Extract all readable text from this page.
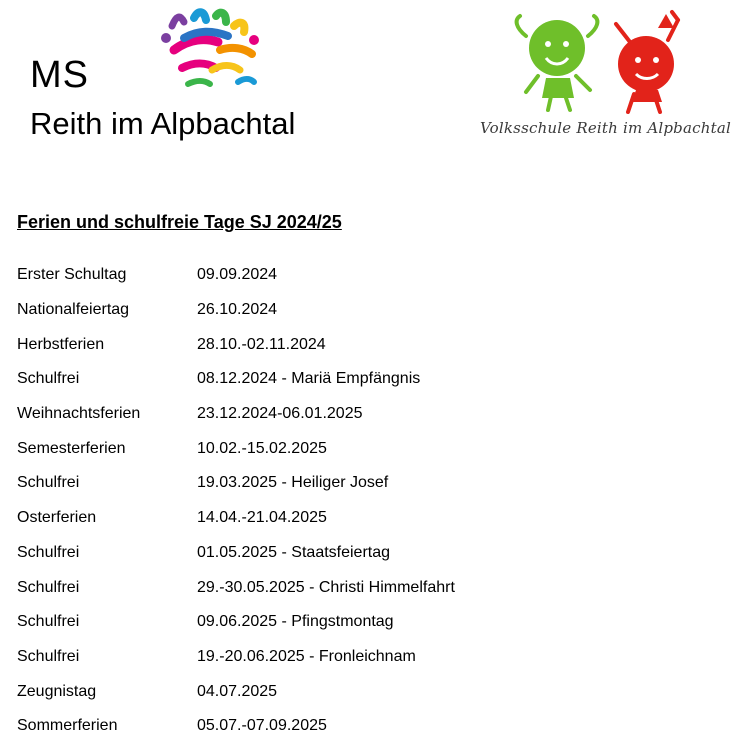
MS
Reith im Alpbachtal	Volksschule Reith im Alpbachtal
Ferien und schulfreie Tage SJ 2024/25
Erster Schultag	09.09.2024
Nationalfeiertag	26.10.2024
Herbstferien	28.10.-02.11.2024
Schulfrei	08.12.2024 - Mariä Empfängnis
Weihnachtsferien	23.12.2024-06.01.2025
Semesterferien	10.02.-15.02.2025
Schulfrei	19.03.2025 - Heiliger Josef
Osterferien	14.04.-21.04.2025
Schulfrei	01.05.2025 - Staatsfeiertag
Schulfrei	29.-30.05.2025 - Christi Himmelfahrt
Schulfrei	09.06.2025 - Pfingstmontag
Schulfrei	19.-20.06.2025 - Fronleichnam
Zeugnistag	04.07.2025
Sommerferien	05.07.-07.09.2025
